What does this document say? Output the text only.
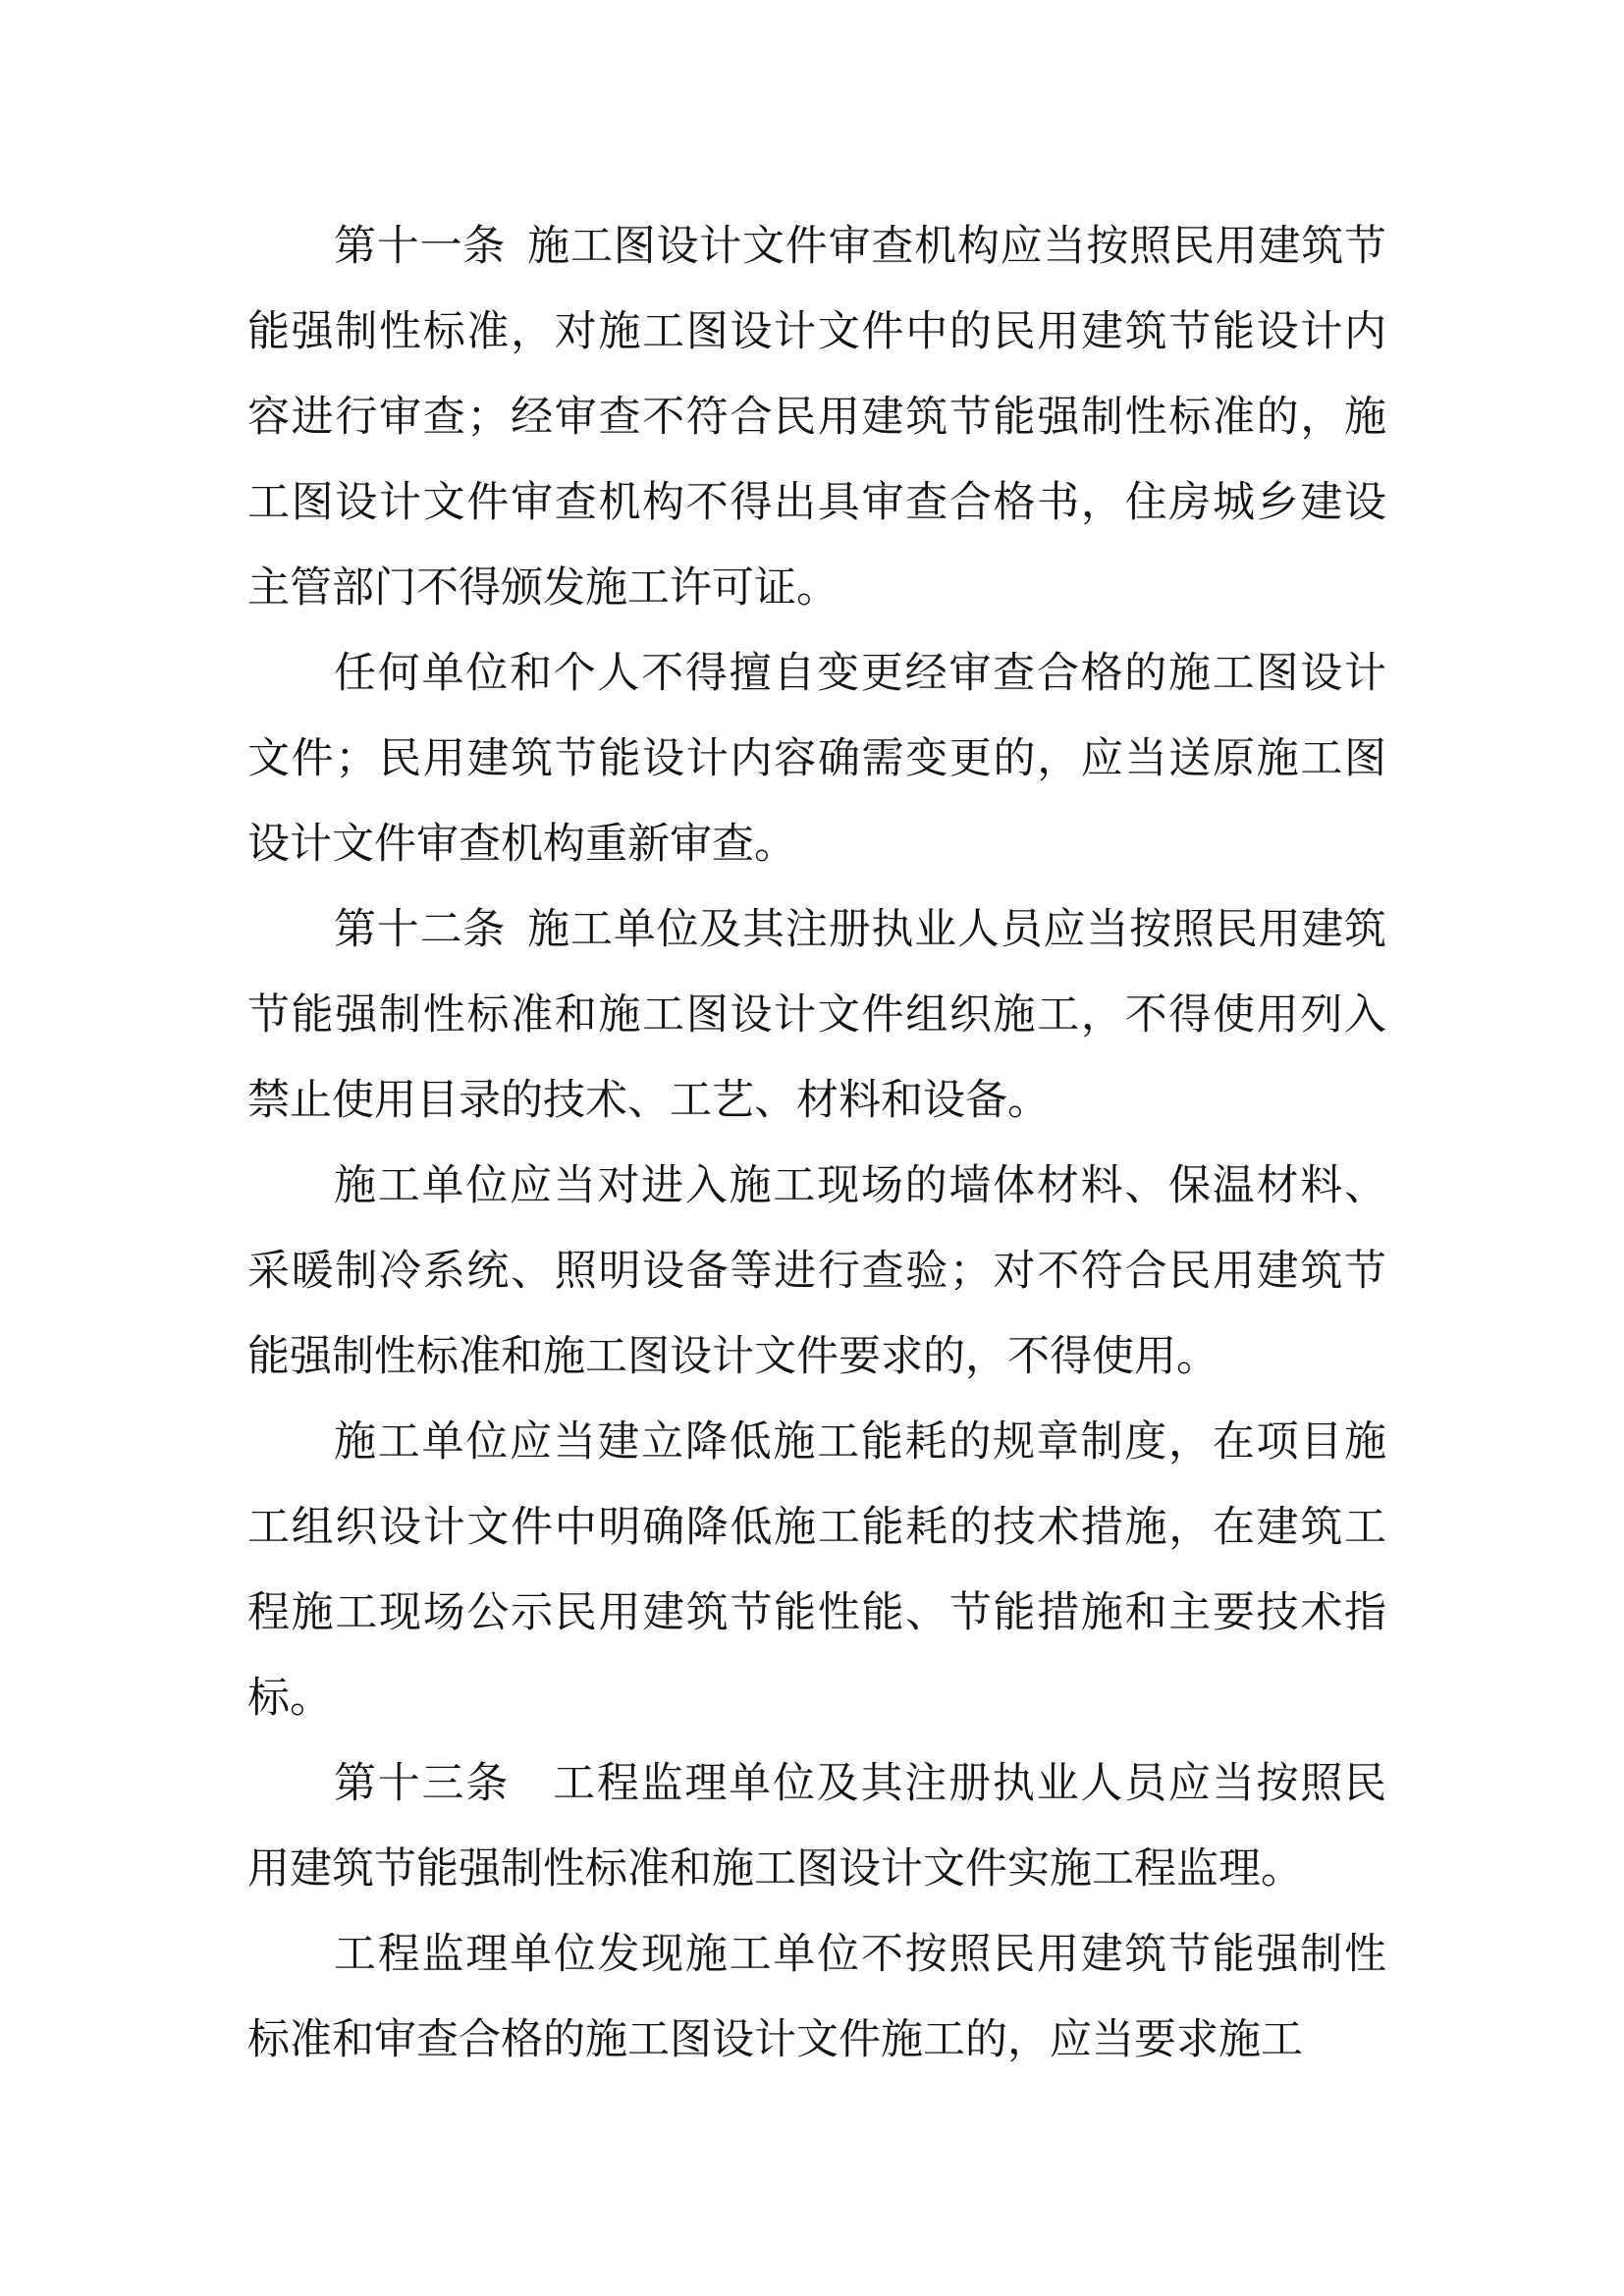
第十一条 施工图设计文件审查机构应当按照民用建筑节能强制性标准，对施工图设计文件中的民用建筑节能设计内容进行审查；经审查不符合民用建筑节能强制性标准的，施工图设计文件审查机构不得出具审查合格书，住房城乡建设主管部门不得颁发施工许可证。

任何单位和个人不得擅自变更经审查合格的施工图设计文件；民用建筑节能设计内容确需变更的，应当送原施工图设计文件审查机构重新审查。

第十二条 施工单位及其注册执业人员应当按照民用建筑节能强制性标准和施工图设计文件组织施工，不得使用列入禁止使用目录的技术、工艺、材料和设备。

施工单位应当对进入施工现场的墙体材料、保温材料、采暖制冷系统、照明设备等进行查验；对不符合民用建筑节能强制性标准和施工图设计文件要求的，不得使用。

施工单位应当建立降低施工能耗的规章制度，在项目施工组织设计文件中明确降低施工能耗的技术措施，在建筑工程施工现场公示民用建筑节能性能、节能措施和主要技术指标。

第十三条 工程监理单位及其注册执业人员应当按照民用建筑节能强制性标准和施工图设计文件实施工程监理。

工程监理单位发现施工单位不按照民用建筑节能强制性标准和审查合格的施工图设计文件施工的，应当要求施工
